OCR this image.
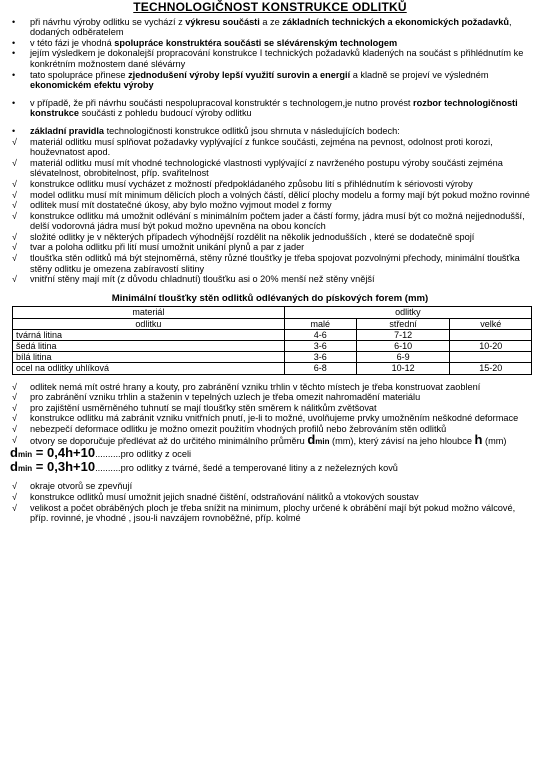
TECHNOLOGIČNOST KONSTRUKCE ODLITKŮ
•	při návrhu výroby odlitku se vychází z výkresu součásti a ze základních technických a ekonomických požadavků, dodaných odběratelem
•	v této fázi je vhodná spolupráce konstruktéra součásti se slévárenským technologem
•	jejím výsledkem je dokonalejší propracování konstrukce I technických požadavků kladených na součást s přihlédnutím ke konkrétním možnostem dané slévárny
•	tato spolupráce přinese zjednodušení výroby lepší využití surovin a energií a kladně se projeví ve výsledném ekonomickém efektu výroby
•	v případě, že při návrhu součásti nespolupracoval konstruktér s technologem,je nutno provést rozbor technologičnosti konstrukce součásti z pohledu budoucí výroby odlitku
•	základní pravidla technologičnosti konstrukce odlitků jsou shrnuta v následujících bodech:
√	materiál odlitku musí splňovat požadavky vyplývající z funkce součásti, zejména na pevnost, odolnost proti korozi, houževnatost apod.
√	materiál odlitku musí mít vhodné technologické vlastnosti vyplývající z navrženého postupu výroby součásti zejména slévatelnost, obrobitelnost, příp. svařitelnost
√	konstrukce odlitku musí vycházet z možností předpokládaného způsobu lití s přihlédnutím k sériovosti výroby
√	model odlitku musí mít minimum dělicích ploch a volných částí, dělicí plochy modelu a formy mají být pokud možno rovinné
√	odlitek musí mít dostatečné úkosy, aby bylo možno vyjmout model z formy
√	konstrukce odlitku má umožnit odlévání s minimálním počtem jader a částí formy, jádra musí být co možná nejjednodušší, delší vodorovná jádra musí být pokud možno upevněna na obou koncích
√	složité odlitky je v některých případech výhodnější rozdělit na několik jednodušších , které se dodatečně spojí
√	tvar a poloha odlitku při lití musí umožnit unikání plynů a par z jader
√	tloušťka stěn odlitků má být stejnoměrná, stěny různé tloušťky je třeba spojovat pozvolnými přechody, minimální tloušťka stěny odlitku je omezena zabíravostí slitiny
√	vnitřní stěny mají mít (z důvodu chladnutí) tloušťku asi o 20% menší než stěny vnější
Minimální tloušťky stěn odlitků odlévaných do pískových forem (mm)
materiál	odlitky		
odlitku	malé	střední	velké
tvárná litina	4-6	7-12	
šedá litina	3-6	6-10	10-20
bílá litina	3-6	6-9	
ocel na odlitky uhlíková	6-8	10-12	15-20
√	odlitek nemá mít ostré hrany a kouty, pro zabránění vzniku trhlin v těchto místech je třeba konstruovat zaoblení
√	pro zabránění vzniku trhlin a staženin v tepelných uzlech je třeba omezit nahromadění materiálu
√	pro zajištění usměrněného tuhnutí se mají tloušťky stěn směrem k nálitkům zvětšovat
√	konstrukce odlitku má zabránit vzniku vnitřních pnutí, je-li to možné, uvolňujeme prvky umožněním neškodné deformace
√	nebezpečí deformace odlitku je možno omezit použitím vhodných profilů nebo žebrováním stěn odlitků
√	otvory se doporučuje předlévat až do určitého minimálního průměru dmin (mm), který závisí na jeho hloubce h (mm)
dmin = 0,4h+10..........pro odlitky z oceli
dmin = 0,3h+10..........pro odlitky z tvárné, šedé a temperované litiny a z neželezných kovů
√	okraje otvorů se zpevňují
√	konstrukce odlitků musí umožnit jejich snadné čištění, odstraňování nálitků a vtokových soustav
√	velikost a počet obráběných ploch je třeba snížit na minimum, plochy určené k obrábění mají být pokud možno válcové, příp. rovinné, je vhodné , jsou-li navzájem rovnoběžné, příp. kolmé
